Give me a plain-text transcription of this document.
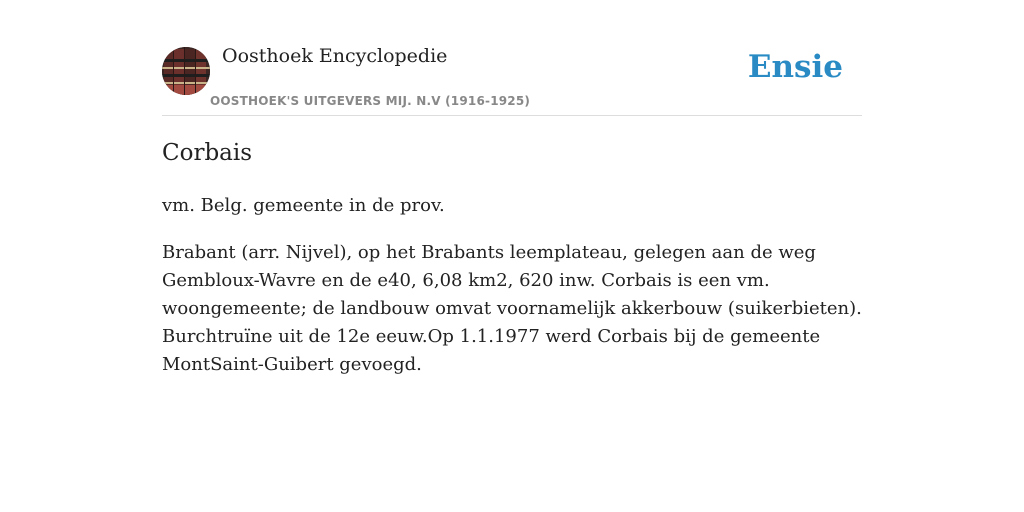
Oosthoek Encyclopedie
OOSTHOEK'S UITGEVERS MIJ. N.V (1916-1925)
Ensie
Corbais

vm. Belg. gemeente in de prov.

Brabant (arr. Nijvel), op het Brabants leemplateau, gelegen aan de weg Gembloux-Wavre en de e40, 6,08 km2, 620 inw. Corbais is een vm. woongemeente; de landbouw omvat voornamelijk akkerbouw (suikerbieten). Burchtruïne uit de 12e eeuw.Op 1.1.1977 werd Corbais bij de gemeente MontSaint-Guibert gevoegd.
